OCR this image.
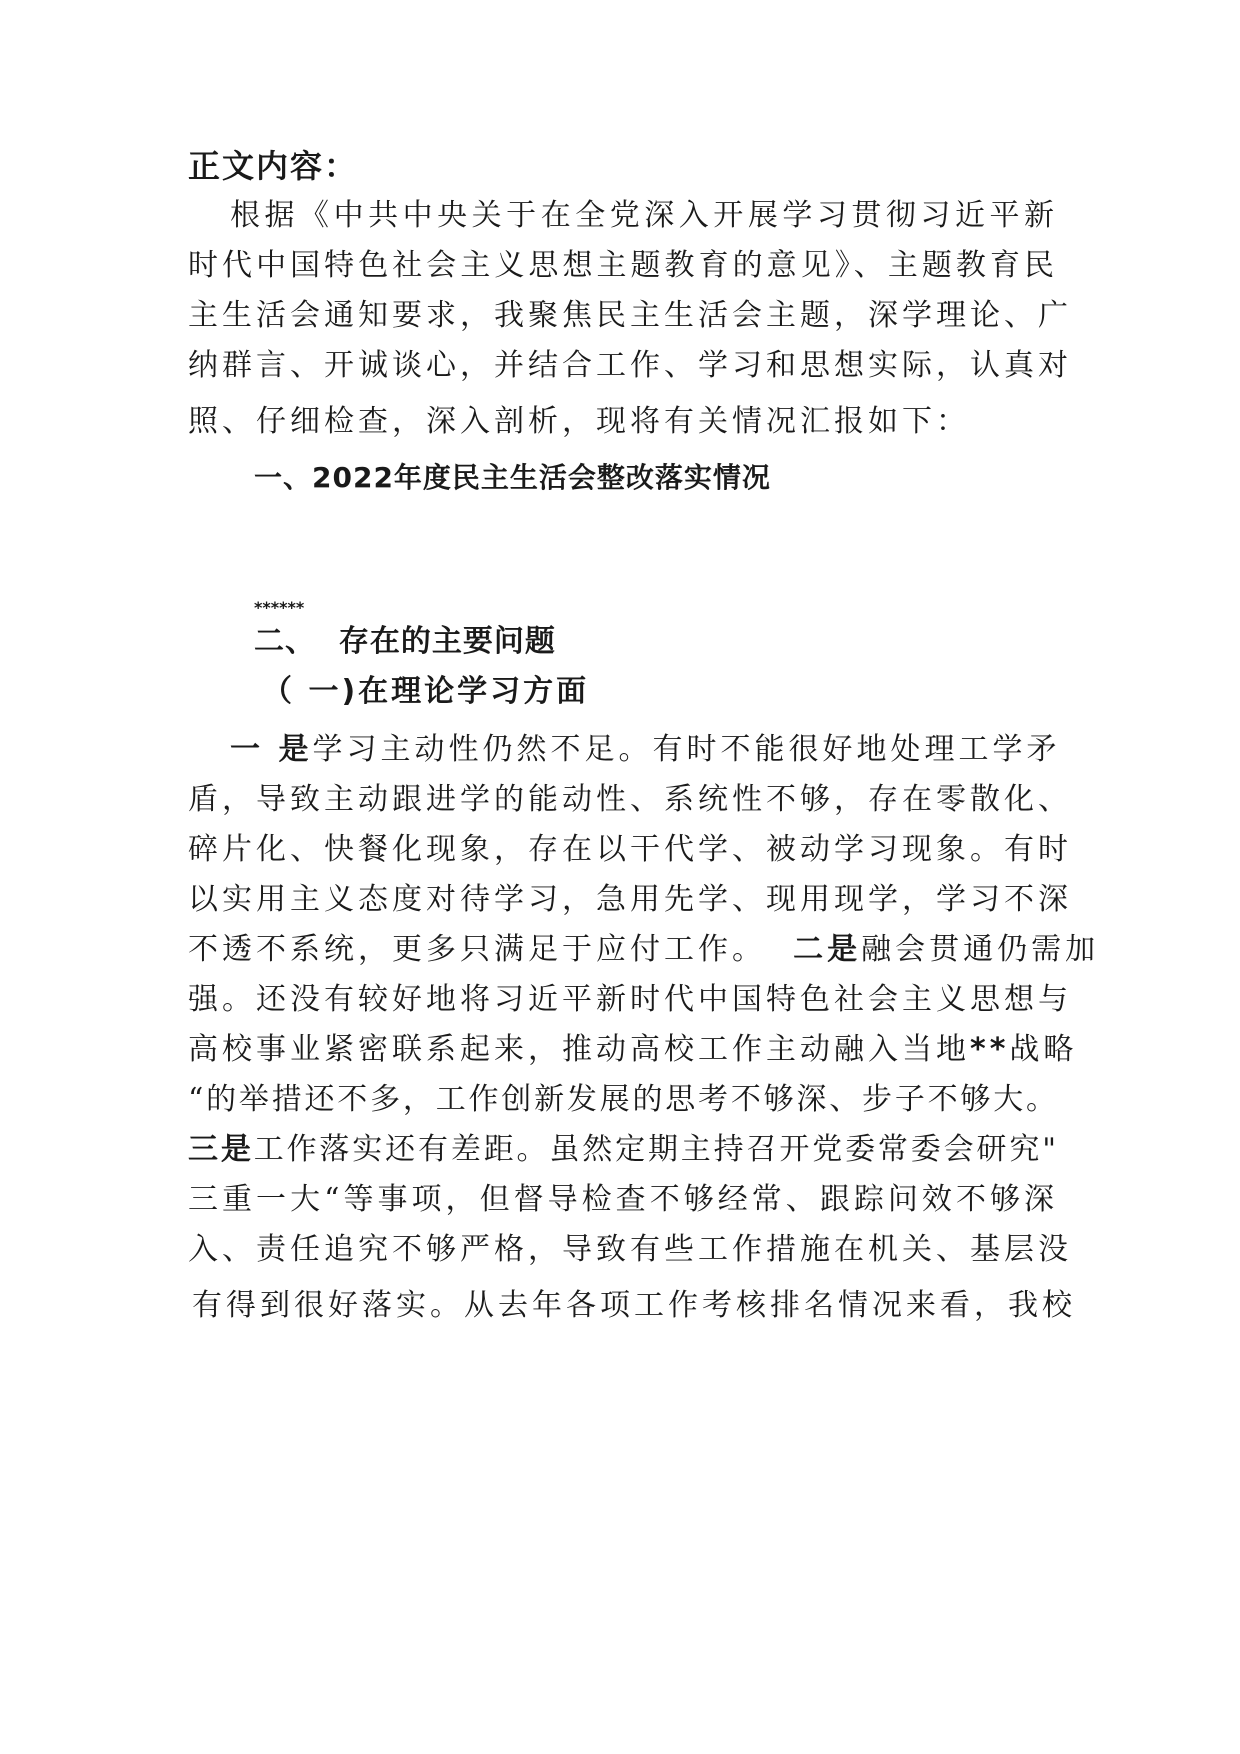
正文内容：
根据《中共中央关于在全党深入开展学习贯彻习近平新
时代中国特色社会主义思想主题教育的意见》、主题教育民
主生活会通知要求，我聚焦民主生活会主题，深学理论、广
纳群言、开诚谈心，并结合工作、学习和思想实际，认真对
照、仔细检查，深入剖析，现将有关情况汇报如下：
一、2022年度民主生活会整改落实情况
******
二、  存在的主要问题
（ 一)在理论学习方面
一 是学习主动性仍然不足。有时不能很好地处理工学矛
盾，导致主动跟进学的能动性、系统性不够，存在零散化、
碎片化、快餐化现象，存在以干代学、被动学习现象。有时
以实用主义态度对待学习，急用先学、现用现学，学习不深
不透不系统，更多只满足于应付工作。 二是融会贯通仍需加
强。还没有较好地将习近平新时代中国特色社会主义思想与
高校事业紧密联系起来，推动高校工作主动融入当地**战略
“的举措还不多，工作创新发展的思考不够深、步子不够大。
三是工作落实还有差距。虽然定期主持召开党委常委会研究"
三重一大“等事项，但督导检查不够经常、跟踪问效不够深
入、责任追究不够严格，导致有些工作措施在机关、基层没
有得到很好落实。从去年各项工作考核排名情况来看，我校
